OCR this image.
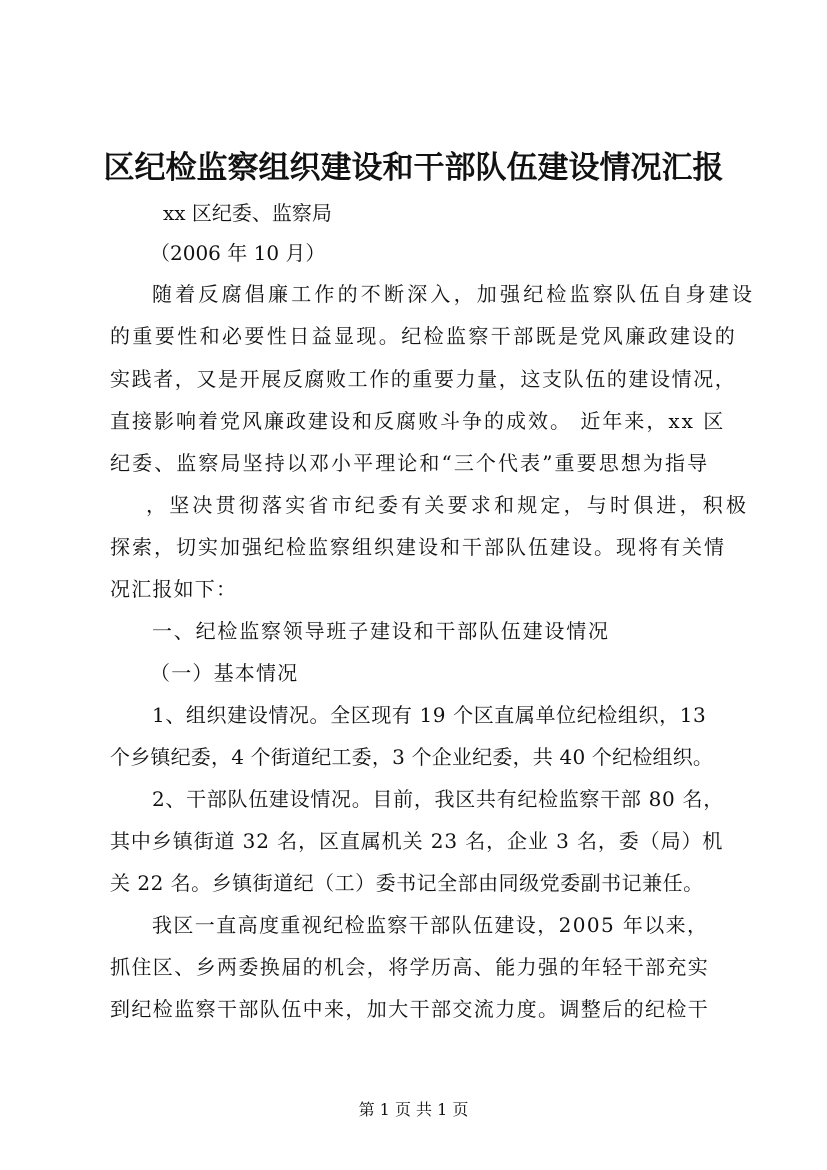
区纪检监察组织建设和干部队伍建设情况汇报
xx 区纪委、监察局
（2006 年 10 月）
随着反腐倡廉工作的不断深入，加强纪检监察队伍自身建设
的重要性和必要性日益显现。纪检监察干部既是党风廉政建设的
实践者，又是开展反腐败工作的重要力量，这支队伍的建设情况，
直接影响着党风廉政建设和反腐败斗争的成效。 近年来，xx 区
纪委、监察局坚持以邓小平理论和“三个代表”重要思想为指导
，坚决贯彻落实省市纪委有关要求和规定，与时俱进，积极
探索，切实加强纪检监察组织建设和干部队伍建设。现将有关情
况汇报如下：
一、纪检监察领导班子建设和干部队伍建设情况
（一）基本情况
1、组织建设情况。全区现有 19 个区直属单位纪检组织，13
个乡镇纪委，4 个街道纪工委，3 个企业纪委，共 40 个纪检组织。
2、干部队伍建设情况。目前，我区共有纪检监察干部 80 名，
其中乡镇街道 32 名，区直属机关 23 名，企业 3 名，委（局）机
关 22 名。乡镇街道纪（工）委书记全部由同级党委副书记兼任。
我区一直高度重视纪检监察干部队伍建设，2005 年以来，
抓住区、乡两委换届的机会，将学历高、能力强的年轻干部充实
到纪检监察干部队伍中来，加大干部交流力度。调整后的纪检干
第 1 页 共 1 页
